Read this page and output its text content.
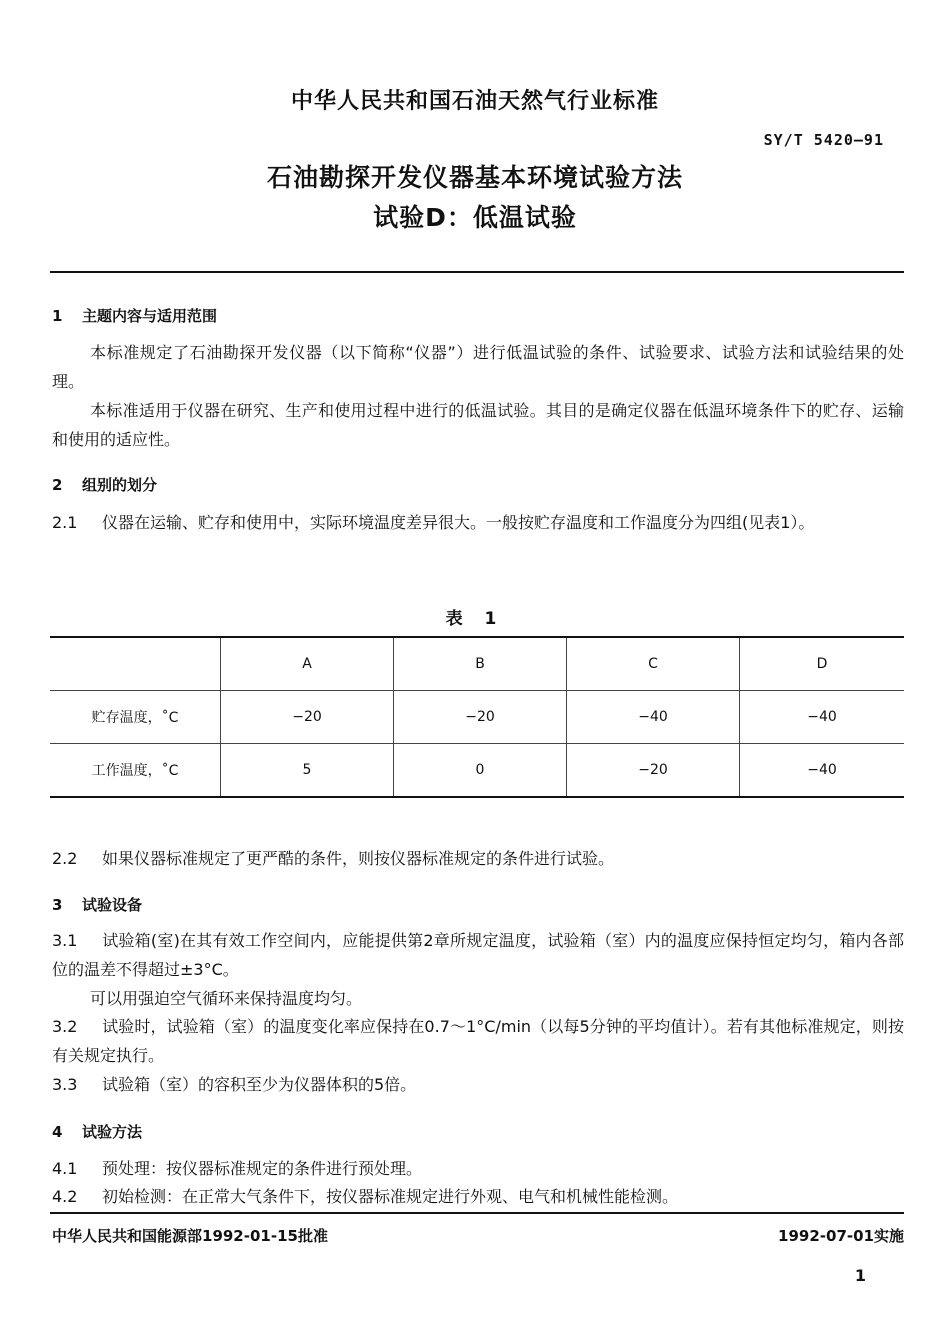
中华人民共和国石油天然气行业标准
SY/T 5420—91
石油勘探开发仪器基本环境试验方法
试验D：低温试验
1 主题内容与适用范围
本标准规定了石油勘探开发仪器（以下简称“仪器”）进行低温试验的条件、试验要求、试验方法和试验结果的处理。
本标准适用于仪器在研究、生产和使用过程中进行的低温试验。其目的是确定仪器在低温环境条件下的贮存、运输和使用的适应性。
2 组别的划分
2.1 仪器在运输、贮存和使用中，实际环境温度差异很大。一般按贮存温度和工作温度分为四组(见表1）。
表 1
	A	B	C	D
贮存温度，˚C	−20	−20	−40	−40
工作温度，˚C	5	0	−20	−40
2.2 如果仪器标准规定了更严酷的条件，则按仪器标准规定的条件进行试验。
3 试验设备
3.1 试验箱(室)在其有效工作空间内，应能提供第2章所规定温度，试验箱（室）内的温度应保持恒定均匀，箱内各部位的温差不得超过±3°C。
可以用强迫空气循环来保持温度均匀。
3.2 试验时，试验箱（室）的温度变化率应保持在0.7～1°C/min（以每5分钟的平均值计）。若有其他标准规定，则按有关规定执行。
3.3 试验箱（室）的容积至少为仪器体积的5倍。
4 试验方法
4.1 预处理：按仪器标准规定的条件进行预处理。
4.2 初始检测：在正常大气条件下，按仪器标准规定进行外观、电气和机械性能检测。
中华人民共和国能源部1992-01-15批准	1992-07-01实施
1
